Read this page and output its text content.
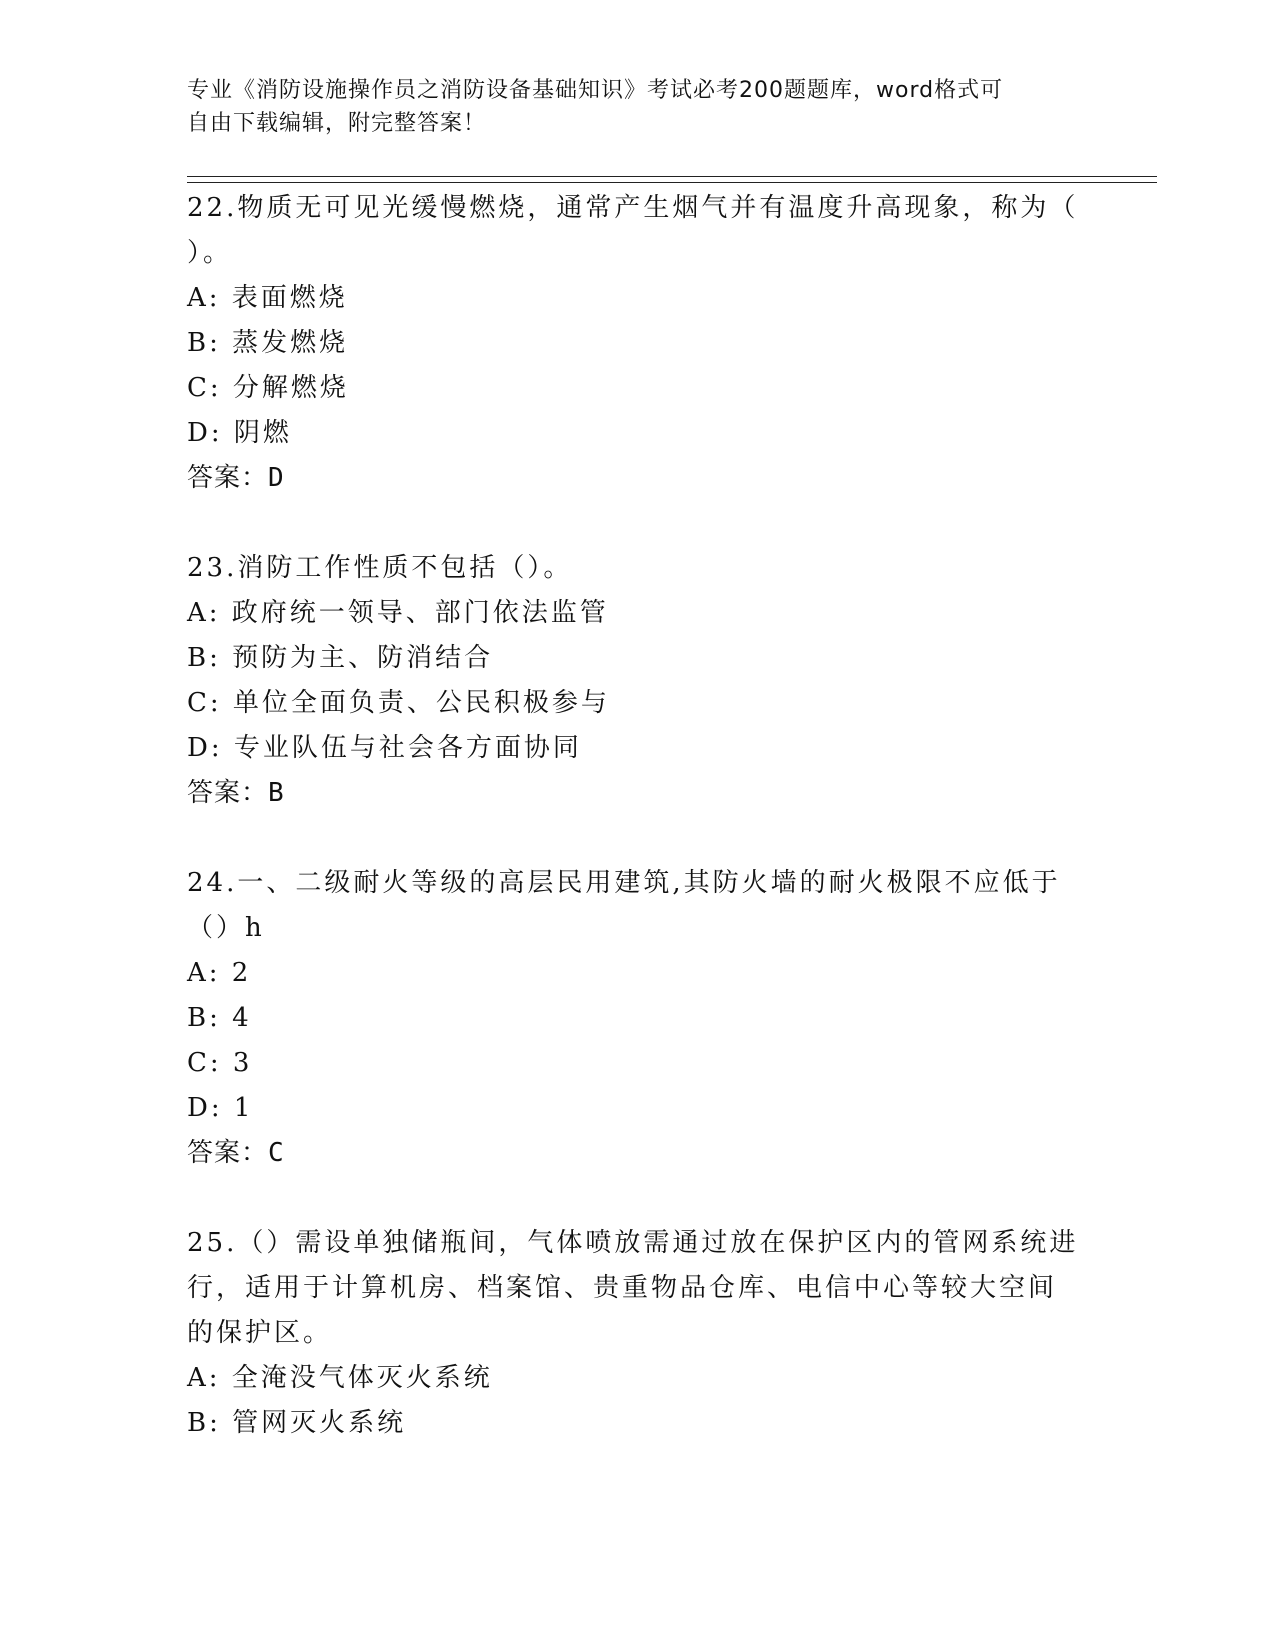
专业《消防设施操作员之消防设备基础知识》考试必考200题题库，word格式可
自由下载编辑，附完整答案！
22.物质无可见光缓慢燃烧，通常产生烟气并有温度升高现象，称为（
）。
A: 表面燃烧
B: 蒸发燃烧
C: 分解燃烧
D: 阴燃
答案：D
23.消防工作性质不包括（）。
A: 政府统一领导、部门依法监管
B: 预防为主、防消结合
C: 单位全面负责、公民积极参与
D: 专业队伍与社会各方面协同
答案：B
24.一、二级耐火等级的高层民用建筑,其防火墙的耐火极限不应低于
（）h
A: 2
B: 4
C: 3
D: 1
答案：C
25.（）需设单独储瓶间，气体喷放需通过放在保护区内的管网系统进
行，适用于计算机房、档案馆、贵重物品仓库、电信中心等较大空间
的保护区。
A: 全淹没气体灭火系统
B: 管网灭火系统
